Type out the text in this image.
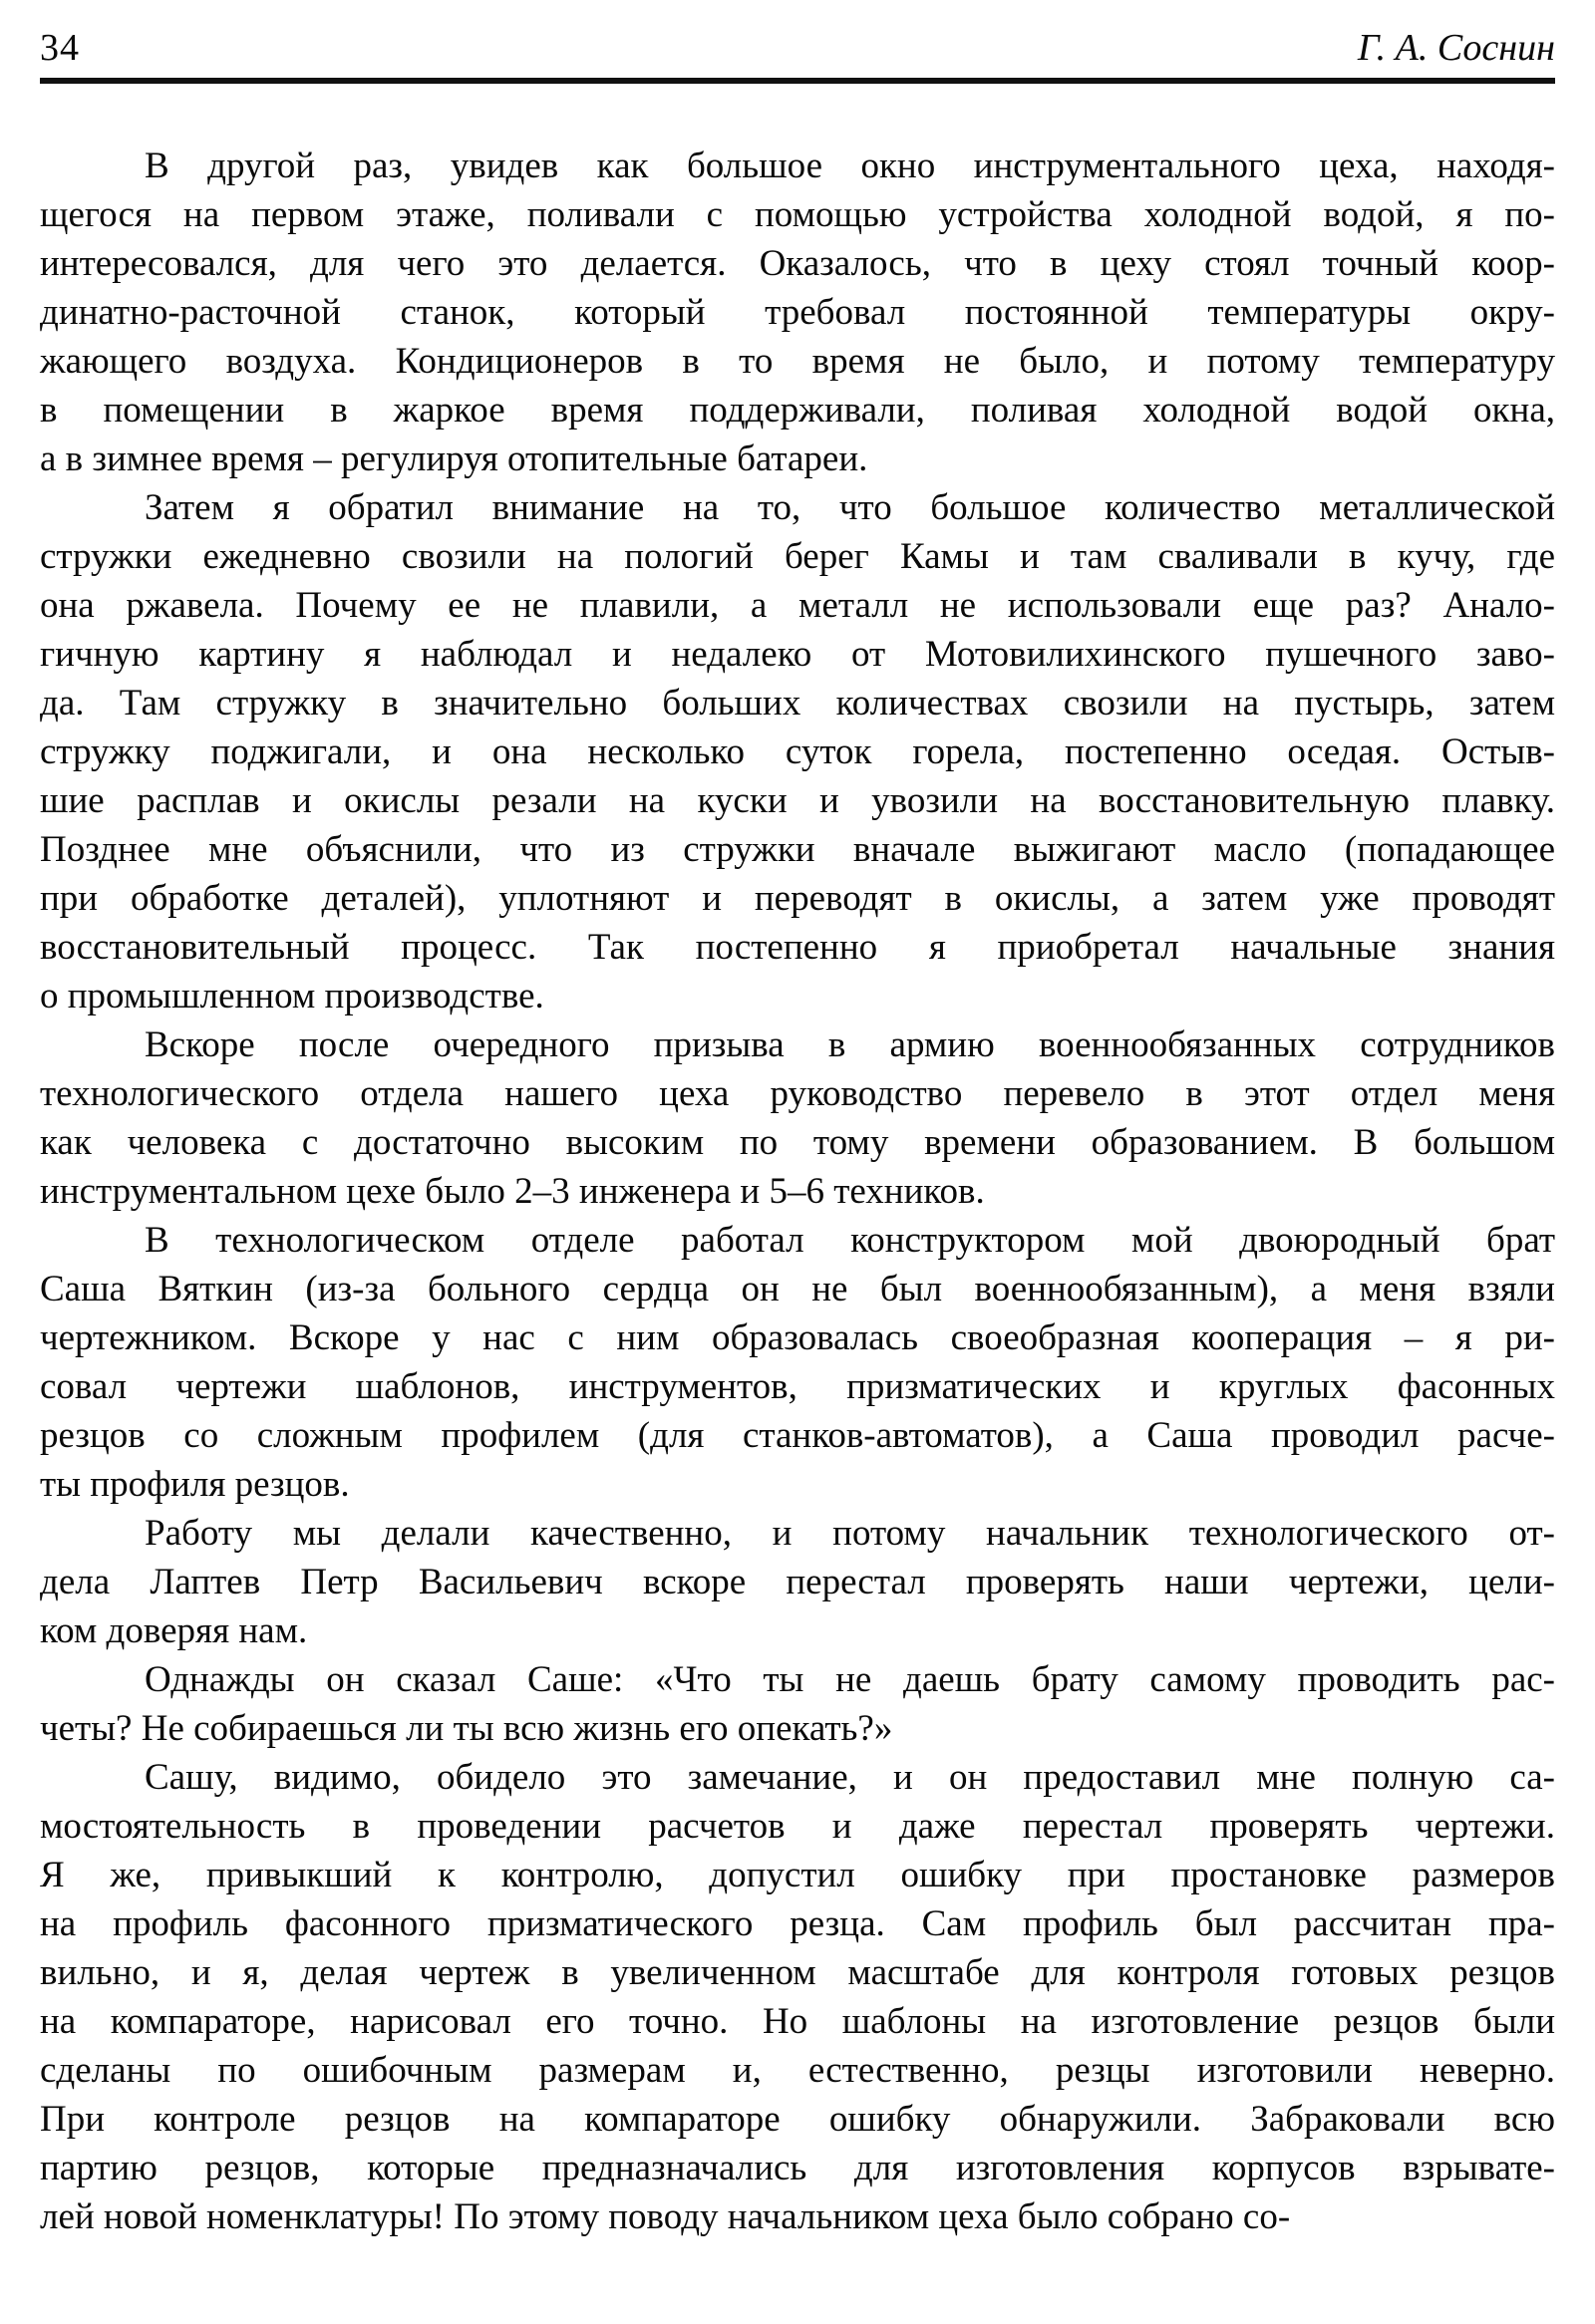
34	Г. А. Соснин
В другой раз, увидев как большое окно инструментального цеха, находя-
щегося на первом этаже, поливали с помощью устройства холодной водой, я по-
интересовался, для чего это делается. Оказалось, что в цеху стоял точный коор-
динатно-расточной станок, который требовал постоянной температуры окру-
жающего воздуха. Кондиционеров в то время не было, и потому температуру
в помещении в жаркое время поддерживали, поливая холодной водой окна,
а в зимнее время – регулируя отопительные батареи.
Затем я обратил внимание на то, что большое количество металлической
стружки ежедневно свозили на пологий берег Камы и там сваливали в кучу, где
она ржавела. Почему ее не плавили, а металл не использовали еще раз? Анало-
гичную картину я наблюдал и недалеко от Мотовилихинского пушечного заво-
да. Там стружку в значительно больших количествах свозили на пустырь, затем
стружку поджигали, и она несколько суток горела, постепенно оседая. Остыв-
шие расплав и окислы резали на куски и увозили на восстановительную плавку.
Позднее мне объяснили, что из стружки вначале выжигают масло (попадающее
при обработке деталей), уплотняют и переводят в окислы, а затем уже проводят
восстановительный процесс. Так постепенно я приобретал начальные знания
о промышленном производстве.
Вскоре после очередного призыва в армию военнообязанных сотрудников
технологического отдела нашего цеха руководство перевело в этот отдел меня
как человека с достаточно высоким по тому времени образованием. В большом
инструментальном цехе было 2–3 инженера и 5–6 техников.
В технологическом отделе работал конструктором мой двоюродный брат
Саша Вяткин (из-за больного сердца он не был военнообязанным), а меня взяли
чертежником. Вскоре у нас с ним образовалась своеобразная кооперация – я ри-
совал чертежи шаблонов, инструментов, призматических и круглых фасонных
резцов со сложным профилем (для станков-автоматов), а Саша проводил расче-
ты профиля резцов.
Работу мы делали качественно, и потому начальник технологического от-
дела Лаптев Петр Васильевич вскоре перестал проверять наши чертежи, цели-
ком доверяя нам.
Однажды он сказал Саше: «Что ты не даешь брату самому проводить рас-
четы? Не собираешься ли ты всю жизнь его опекать?»
Сашу, видимо, обидело это замечание, и он предоставил мне полную са-
мостоятельность в проведении расчетов и даже перестал проверять чертежи.
Я же, привыкший к контролю, допустил ошибку при простановке размеров
на профиль фасонного призматического резца. Сам профиль был рассчитан пра-
вильно, и я, делая чертеж в увеличенном масштабе для контроля готовых резцов
на компараторе, нарисовал его точно. Но шаблоны на изготовление резцов были
сделаны по ошибочным размерам и, естественно, резцы изготовили неверно.
При контроле резцов на компараторе ошибку обнаружили. Забраковали всю
партию резцов, которые предназначались для изготовления корпусов взрывате-
лей новой номенклатуры! По этому поводу начальником цеха было собрано со-
